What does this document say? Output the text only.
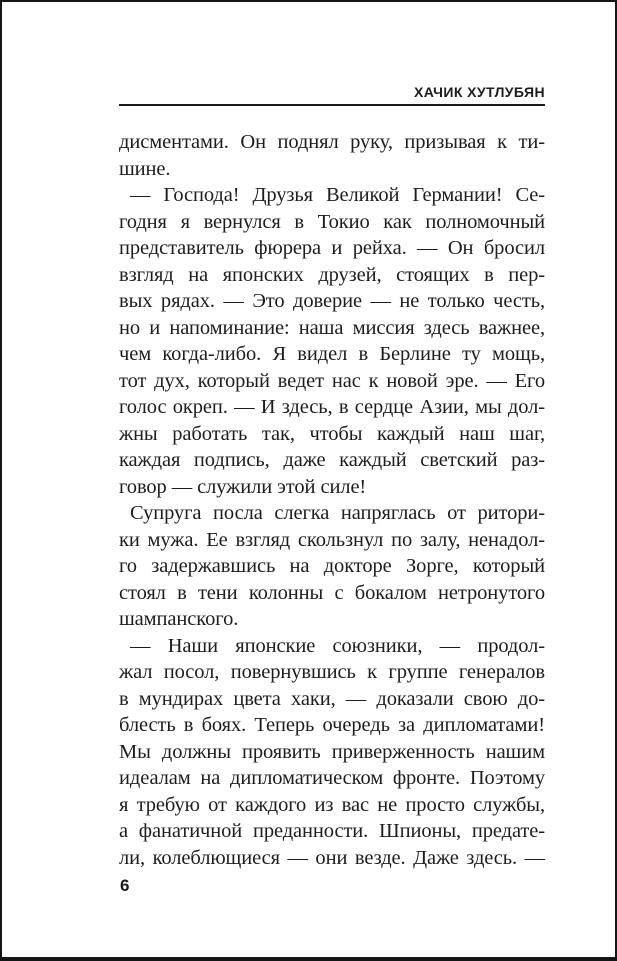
ХАЧИК ХУТЛУБЯН
дисментами. Он поднял руку, призывая к ти-
шине.
— Господа! Друзья Великой Германии! Се-
годня я вернулся в Токио как полномочный
представитель фюрера и рейха. — Он бросил
взгляд на японских друзей, стоящих в пер-
вых рядах. — Это доверие — не только честь,
но и напоминание: наша миссия здесь важнее,
чем когда-либо. Я видел в Берлине ту мощь,
тот дух, который ведет нас к новой эре. — Его
голос окреп. — И здесь, в сердце Азии, мы дол-
жны работать так, чтобы каждый наш шаг,
каждая подпись, даже каждый светский раз-
говор — служили этой силе!
Супруга посла слегка напряглась от ритори-
ки мужа. Ее взгляд скользнул по залу, ненадол-
го задержавшись на докторе Зорге, который
стоял в тени колонны с бокалом нетронутого
шампанского.
— Наши японские союзники, — продол-
жал посол, повернувшись к группе генералов
в мундирах цвета хаки, — доказали свою до-
блесть в боях. Теперь очередь за дипломатами!
Мы должны проявить приверженность нашим
идеалам на дипломатическом фронте. Поэтому
я требую от каждого из вас не просто службы,
а фанатичной преданности. Шпионы, предате-
ли, колеблющиеся — они везде. Даже здесь. —
6
